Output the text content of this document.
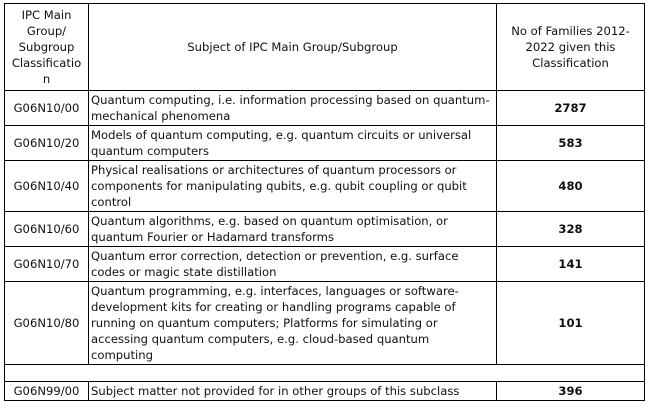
IPC Main Group/ Subgroup Classificatio n	Subject of IPC Main Group/Subgroup	No of Families 2012-2022 given this Classification
G06N10/00	Quantum computing, i.e. information processing based on quantum-mechanical phenomena	2787
G06N10/20	Models of quantum computing, e.g. quantum circuits or universal quantum computers	583
G06N10/40	Physical realisations or architectures of quantum processors or components for manipulating qubits, e.g. qubit coupling or qubit control	480
G06N10/60	Quantum algorithms, e.g. based on quantum optimisation, or quantum Fourier or Hadamard transforms	328
G06N10/70	Quantum error correction, detection or prevention, e.g. surface codes or magic state distillation	141
G06N10/80	Quantum programming, e.g. interfaces, languages or software-development kits for creating or handling programs capable of running on quantum computers; Platforms for simulating or accessing quantum computers, e.g. cloud-based quantum computing	101

G06N99/00	Subject matter not provided for in other groups of this subclass	396
